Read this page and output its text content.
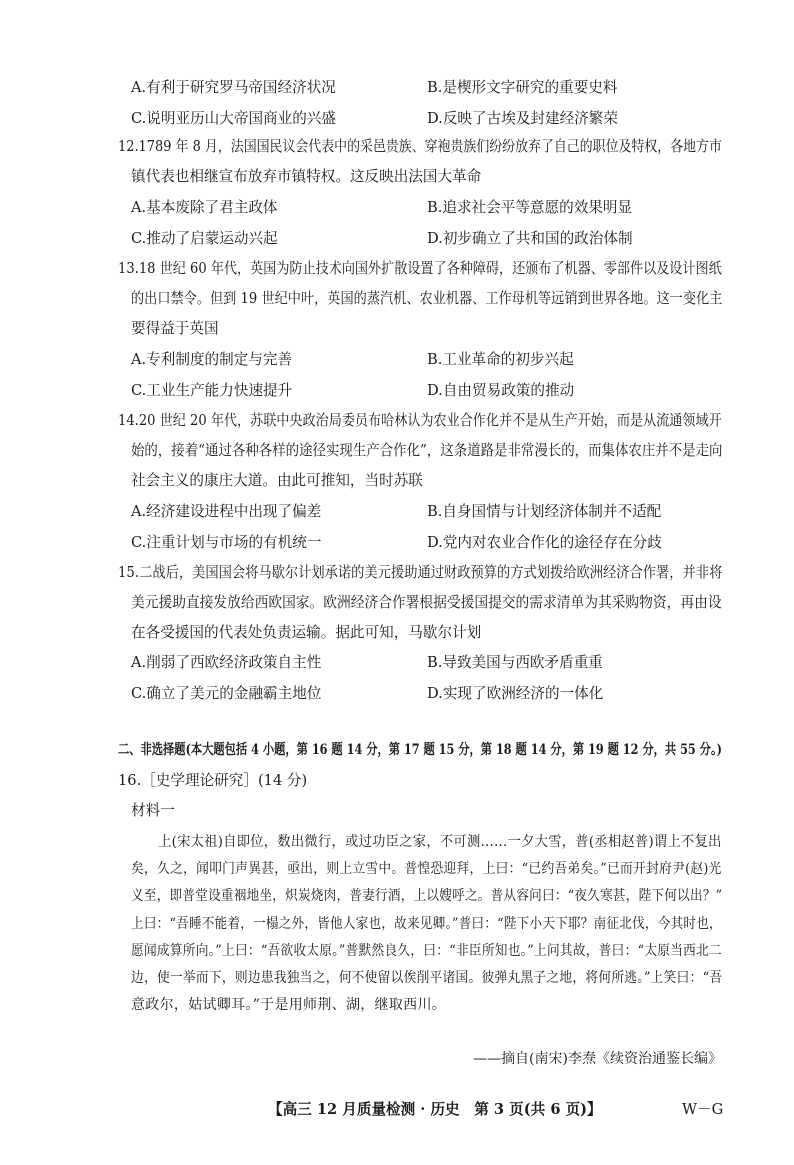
A.有利于研究罗马帝国经济状况	B.是楔形文字研究的重要史料
C.说明亚历山大帝国商业的兴盛	D.反映了古埃及封建经济繁荣
12.1789 年 8 月，法国国民议会代表中的采邑贵族、穿袍贵族们纷纷放弃了自己的职位及特权，各地方市
镇代表也相继宣布放弃市镇特权。这反映出法国大革命
A.基本废除了君主政体	B.追求社会平等意愿的效果明显
C.推动了启蒙运动兴起	D.初步确立了共和国的政治体制
13.18 世纪 60 年代，英国为防止技术向国外扩散设置了各种障碍，还颁布了机器、零部件以及设计图纸
的出口禁令。但到 19 世纪中叶，英国的蒸汽机、农业机器、工作母机等远销到世界各地。这一变化主
要得益于英国
A.专利制度的制定与完善	B.工业革命的初步兴起
C.工业生产能力快速提升	D.自由贸易政策的推动
14.20 世纪 20 年代，苏联中央政治局委员布哈林认为农业合作化并不是从生产开始，而是从流通领域开
始的，接着“通过各种各样的途径实现生产合作化”，这条道路是非常漫长的，而集体农庄并不是走向
社会主义的康庄大道。由此可推知，当时苏联
A.经济建设进程中出现了偏差	B.自身国情与计划经济体制并不适配
C.注重计划与市场的有机统一	D.党内对农业合作化的途径存在分歧
15.二战后，美国国会将马歇尔计划承诺的美元援助通过财政预算的方式划拨给欧洲经济合作署，并非将
美元援助直接发放给西欧国家。欧洲经济合作署根据受援国提交的需求清单为其采购物资，再由设
在各受援国的代表处负责运输。据此可知，马歇尔计划
A.削弱了西欧经济政策自主性	B.导致美国与西欧矛盾重重
C.确立了美元的金融霸主地位	D.实现了欧洲经济的一体化
二、非选择题(本大题包括 4 小题，第 16 题 14 分，第 17 题 15 分，第 18 题 14 分，第 19 题 12 分，共 55 分。)
16.［史学理论研究］(14 分)
材料一

　　上(宋太祖)自即位，数出微行，或过功臣之家，不可测……一夕大雪，普(丞相赵普)谓上不复出

矣，久之，闻叩门声異甚，亟出，则上立雪中。普惶恐迎拜，上曰：“已约吾弟矣。”已而开封府尹(赵)光

义至，即普堂设重裀地坐，炽炭烧肉，普妻行酒，上以嫂呼之。普从容问曰：“夜久寒甚，陛下何以出？”

上曰：“吾睡不能着，一榻之外，皆他人家也，故来见卿。”普曰：“陛下小天下耶？南征北伐，今其时也，

愿闻成算所向。”上曰：“吾欲收太原。”普默然良久，曰：“非臣所知也。”上问其故，普曰：“太原当西北二

边，使一举而下，则边患我独当之，何不使留以俟削平诸国。彼弹丸黑子之地，将何所逃。”上笑曰：“吾

意政尔，姑试卿耳。”于是用师荆、湖，继取西川。

——摘自(南宋)李焘《续资治通鉴长编》
【高三 12 月质量检测 · 历史　第 3 页(共 6 页)】	W－G
